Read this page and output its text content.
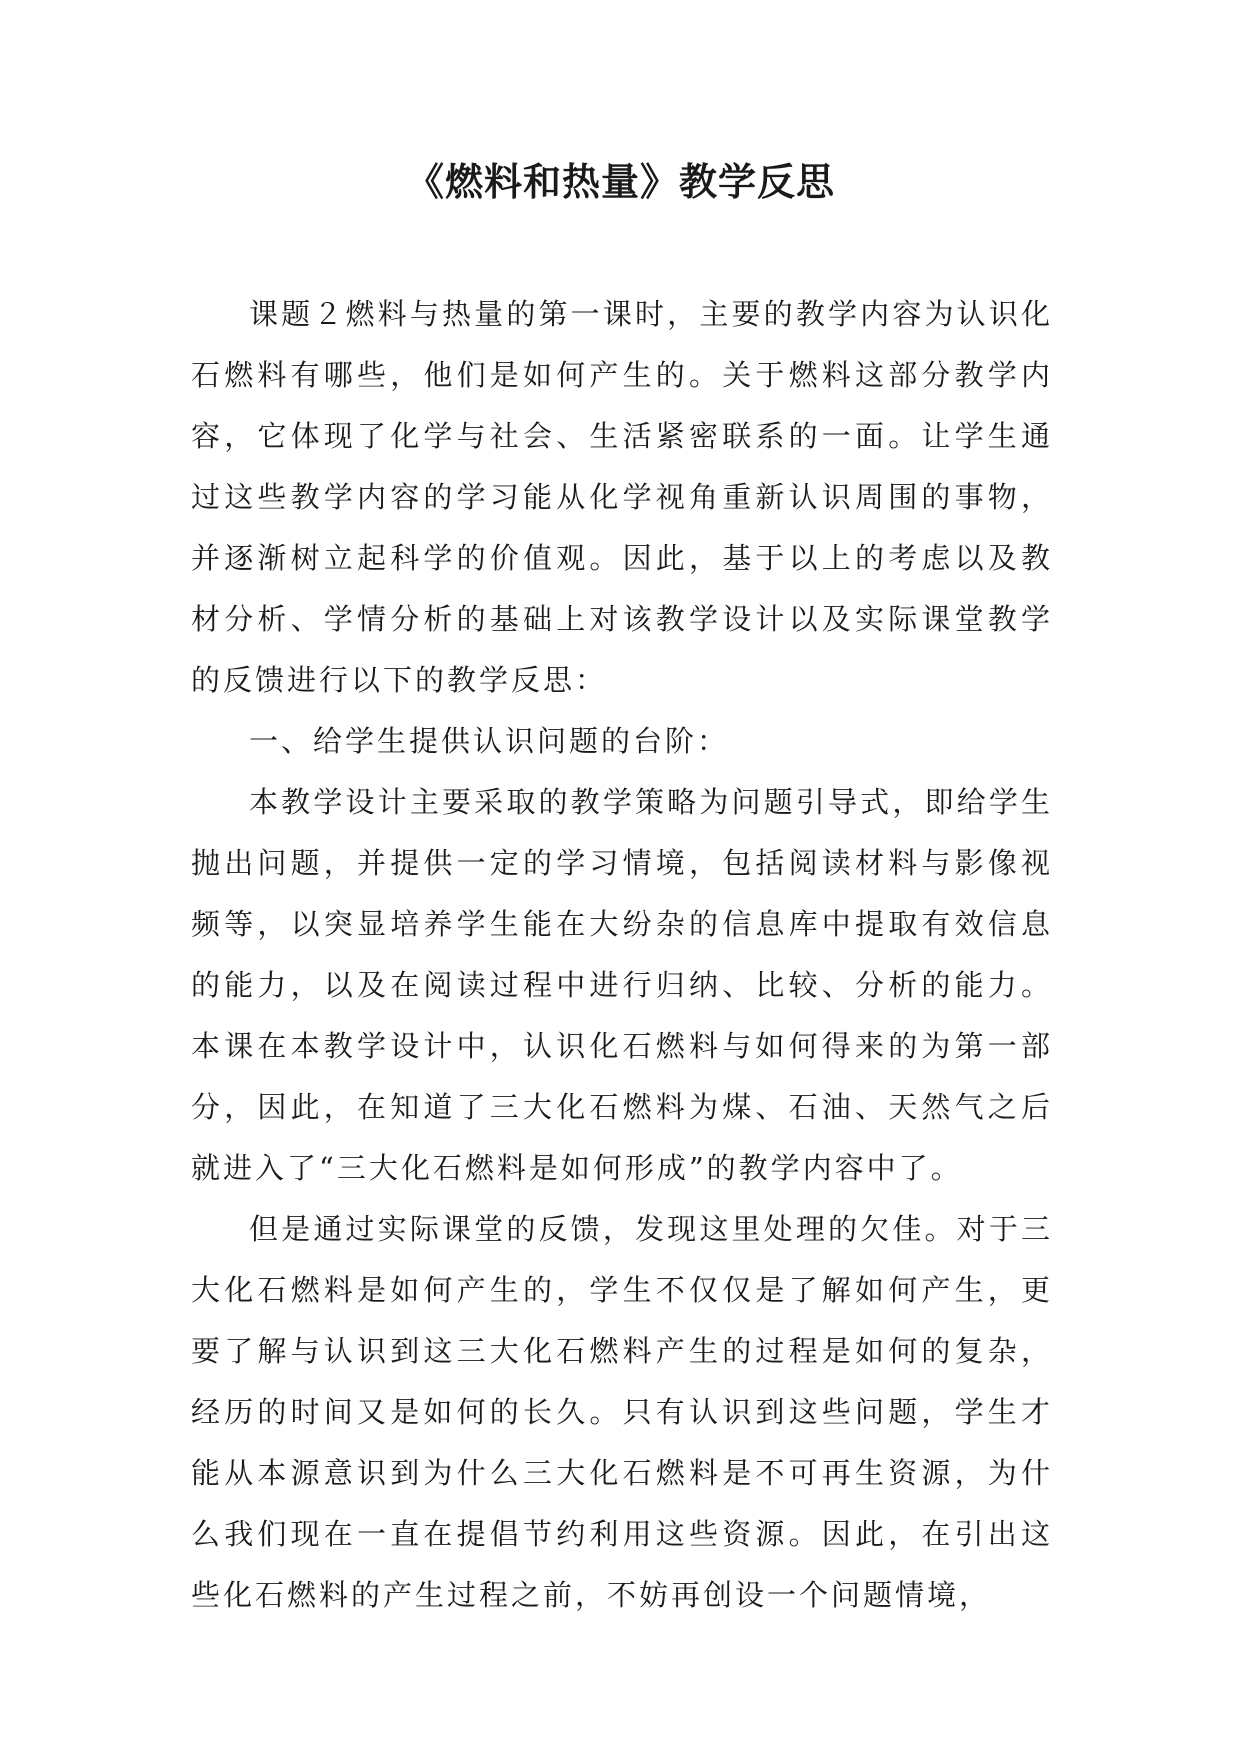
《燃料和热量》教学反思

课题２燃料与热量的第一课时，主要的教学内容为认识化石燃料有哪些，他们是如何产生的。关于燃料这部分教学内容，它体现了化学与社会、生活紧密联系的一面。让学生通过这些教学内容的学习能从化学视角重新认识周围的事物，并逐渐树立起科学的价值观。因此，基于以上的考虑以及教材分析、学情分析的基础上对该教学设计以及实际课堂教学的反馈进行以下的教学反思：

一、给学生提供认识问题的台阶：

本教学设计主要采取的教学策略为问题引导式，即给学生抛出问题，并提供一定的学习情境，包括阅读材料与影像视频等，以突显培养学生能在大纷杂的信息库中提取有效信息的能力，以及在阅读过程中进行归纳、比较、分析的能力。本课在本教学设计中，认识化石燃料与如何得来的为第一部分，因此，在知道了三大化石燃料为煤、石油、天然气之后就进入了“三大化石燃料是如何形成”的教学内容中了。

但是通过实际课堂的反馈，发现这里处理的欠佳。对于三大化石燃料是如何产生的，学生不仅仅是了解如何产生，更要了解与认识到这三大化石燃料产生的过程是如何的复杂，经历的时间又是如何的长久。只有认识到这些问题，学生才能从本源意识到为什么三大化石燃料是不可再生资源，为什么我们现在一直在提倡节约利用这些资源。因此，在引出这些化石燃料的产生过程之前，不妨再创设一个问题情境，
